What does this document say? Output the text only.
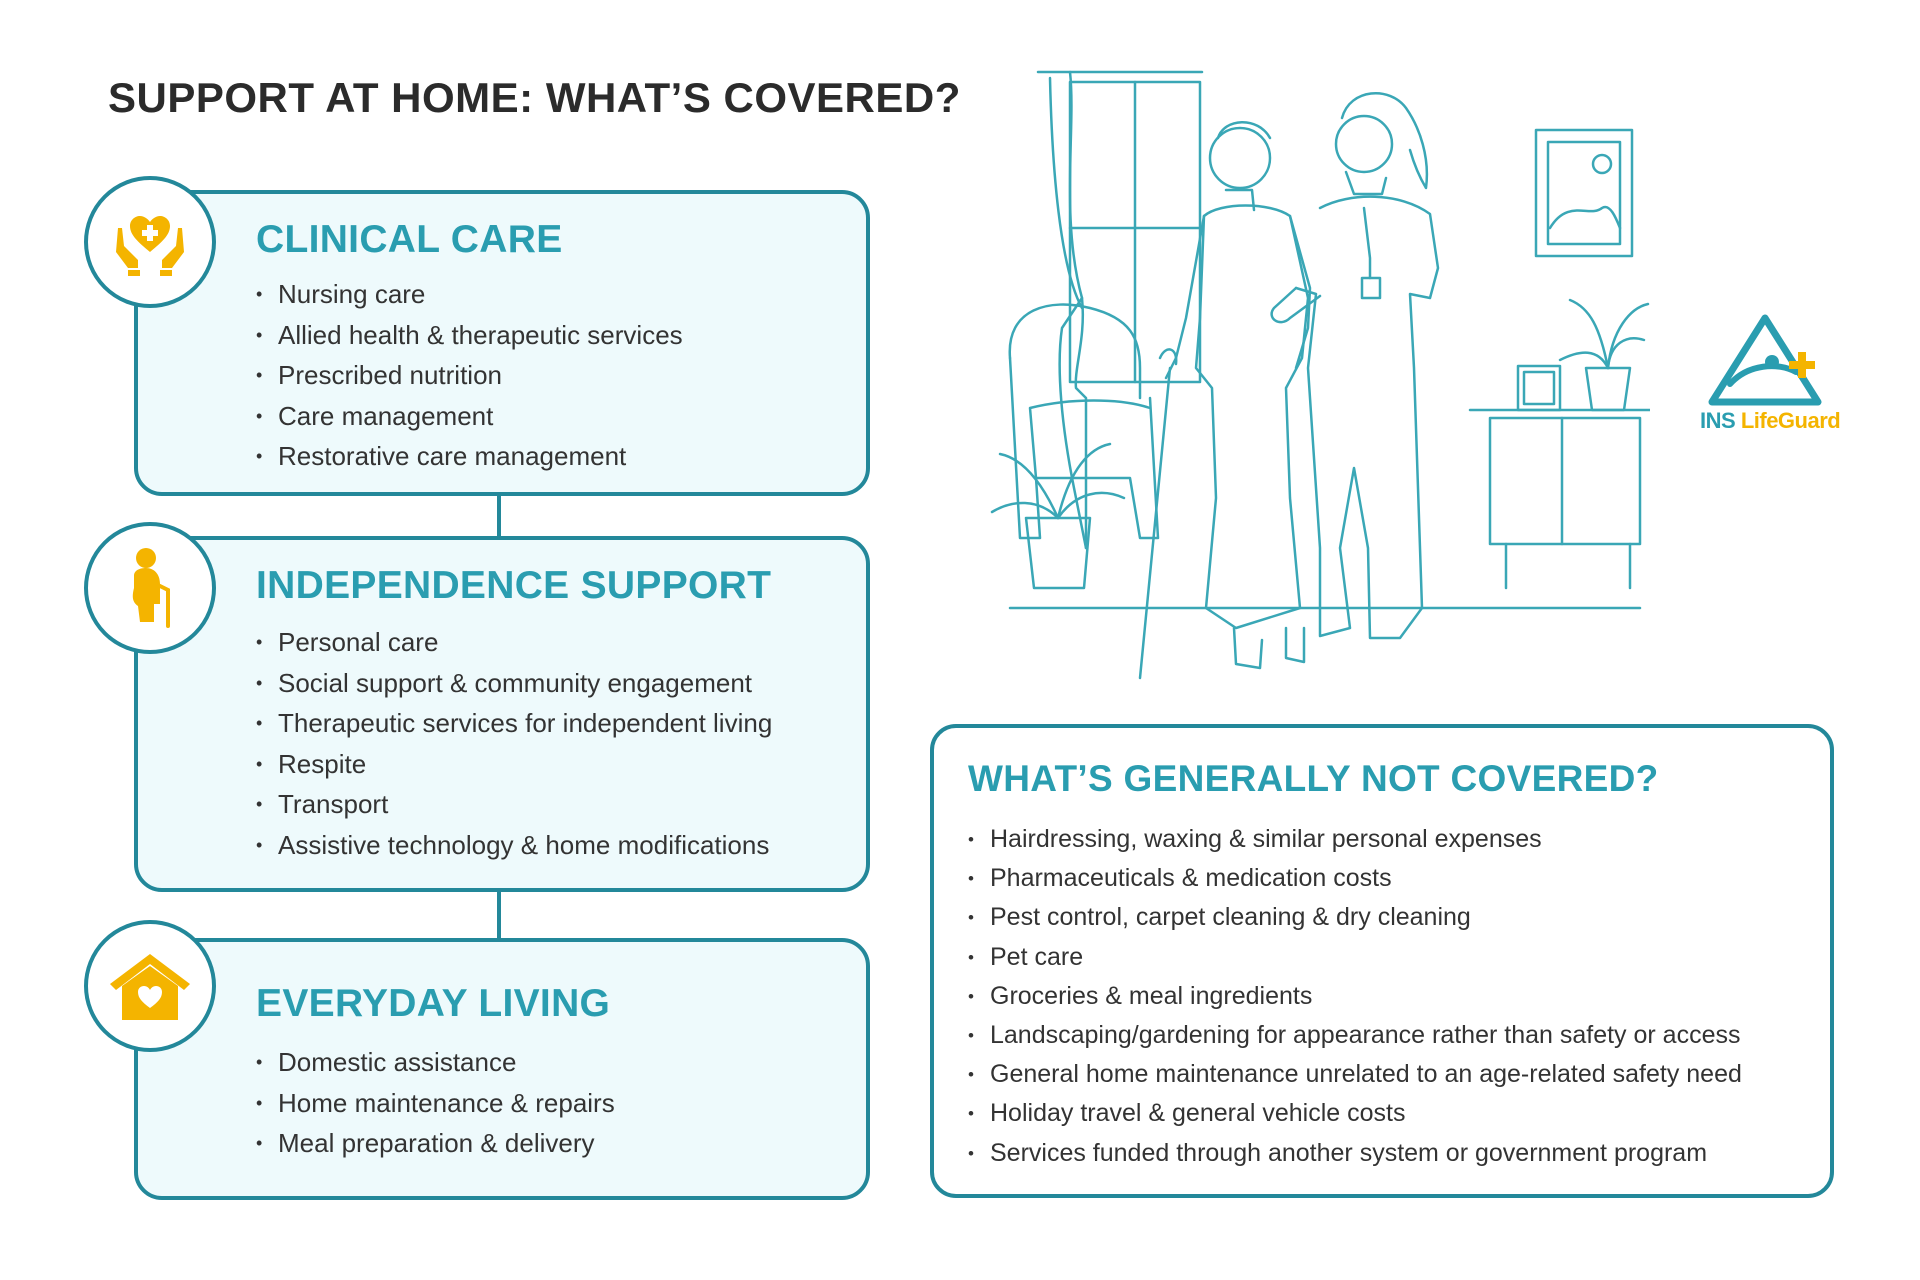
SUPPORT AT HOME: WHAT’S COVERED?
CLINICAL CARE
• Nursing care
• Allied health & therapeutic services
• Prescribed nutrition
• Care management
• Restorative care management
INDEPENDENCE SUPPORT
• Personal care
• Social support & community engagement
• Therapeutic services for independent living
• Respite
• Transport
• Assistive technology & home modifications
EVERYDAY LIVING
• Domestic assistance
• Home maintenance & repairs
• Meal preparation & delivery
INS LifeGuard
WHAT’S GENERALLY NOT COVERED?
• Hairdressing, waxing & similar personal expenses
• Pharmaceuticals & medication costs
• Pest control, carpet cleaning & dry cleaning
• Pet care
• Groceries & meal ingredients
• Landscaping/gardening for appearance rather than safety or access
• General home maintenance unrelated to an age-related safety need
• Holiday travel & general vehicle costs
• Services funded through another system or government program
